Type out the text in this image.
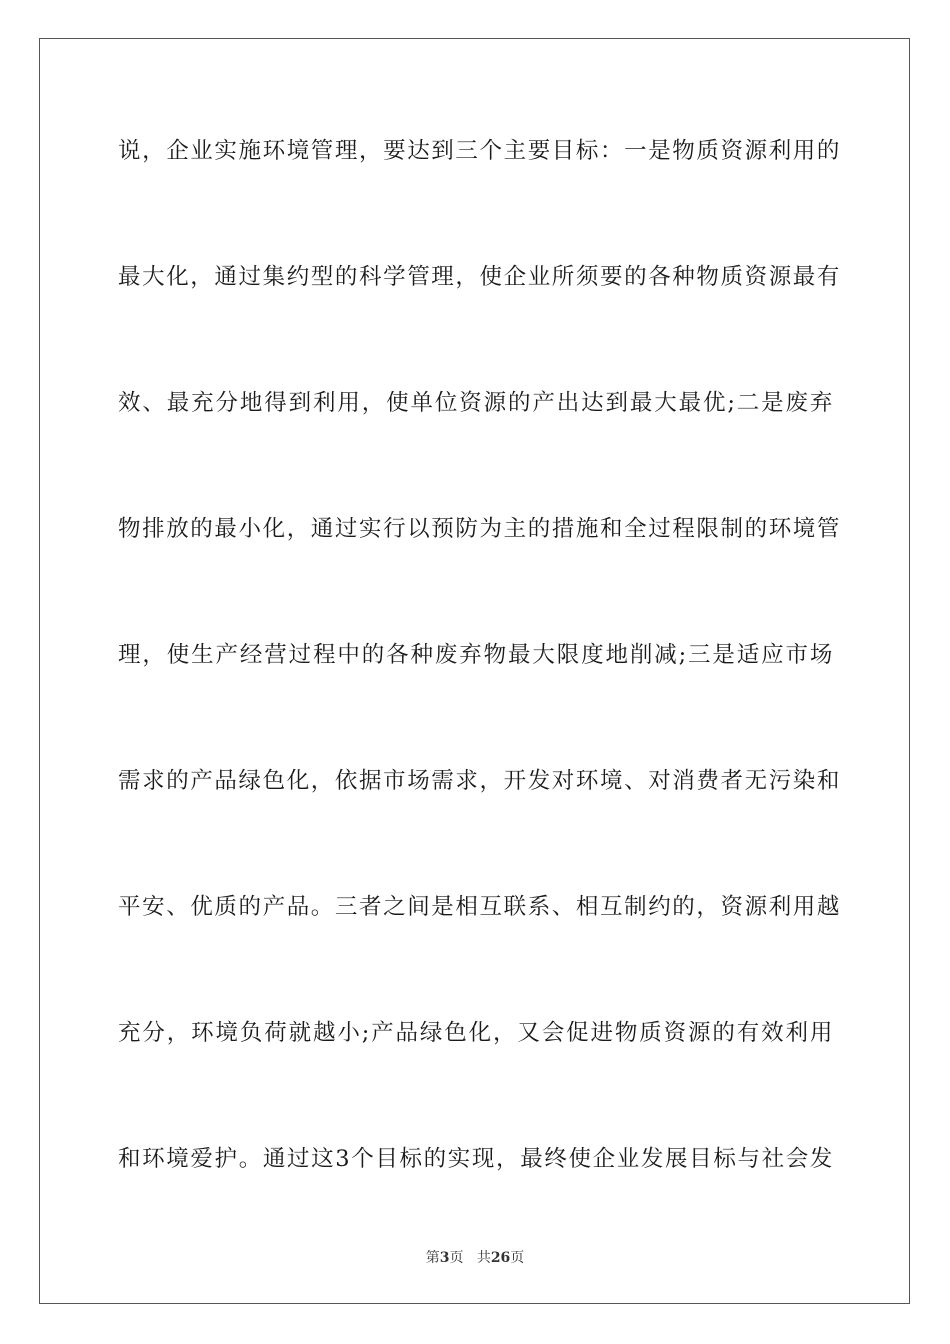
说，企业实施环境管理，要达到三个主要目标：一是物质资源利用的
最大化，通过集约型的科学管理，使企业所须要的各种物质资源最有
效、最充分地得到利用，使单位资源的产出达到最大最优;二是废弃
物排放的最小化，通过实行以预防为主的措施和全过程限制的环境管
理，使生产经营过程中的各种废弃物最大限度地削减;三是适应市场
需求的产品绿色化，依据市场需求，开发对环境、对消费者无污染和
平安、优质的产品。三者之间是相互联系、相互制约的，资源利用越
充分，环境负荷就越小;产品绿色化，又会促进物质资源的有效利用
和环境爱护。通过这3个目标的实现，最终使企业发展目标与社会发
第3页 共26页
